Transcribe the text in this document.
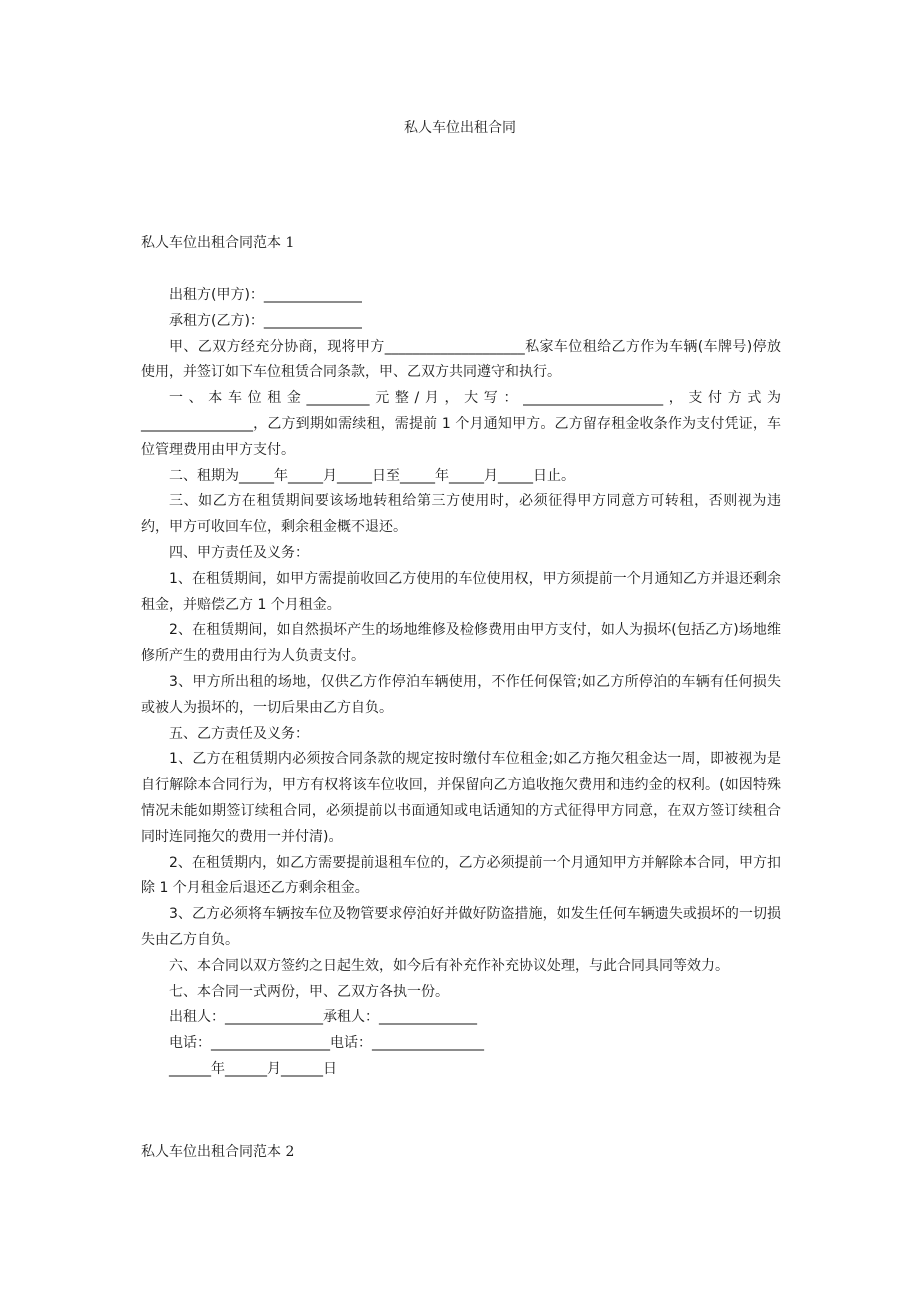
私人车位出租合同
私人车位出租合同范本 1

出租方(甲方)：______________

承租方(乙方)：______________

甲、乙双方经充分协商，现将甲方____________________私家车位租给乙方作为车辆(车牌号)停放使用，并签订如下车位租赁合同条款，甲、乙双方共同遵守和执行。

一、本车位租金_________元整/月，大写：____________________，支付方式为________________，乙方到期如需续租，需提前 1 个月通知甲方。乙方留存租金收条作为支付凭证，车位管理费用由甲方支付。

二、租期为_____年_____月_____日至_____年_____月_____日止。

三、如乙方在租赁期间要该场地转租给第三方使用时，必须征得甲方同意方可转租，否则视为违约，甲方可收回车位，剩余租金概不退还。

四、甲方责任及义务：

1、在租赁期间，如甲方需提前收回乙方使用的车位使用权，甲方须提前一个月通知乙方并退还剩余租金，并赔偿乙方 1 个月租金。

2、在租赁期间，如自然损坏产生的场地维修及检修费用由甲方支付，如人为损坏(包括乙方)场地维修所产生的费用由行为人负责支付。

3、甲方所出租的场地，仅供乙方作停泊车辆使用，不作任何保管;如乙方所停泊的车辆有任何损失或被人为损坏的，一切后果由乙方自负。

五、乙方责任及义务：

1、乙方在租赁期内必须按合同条款的规定按时缴付车位租金;如乙方拖欠租金达一周，即被视为是自行解除本合同行为，甲方有权将该车位收回，并保留向乙方追收拖欠费用和违约金的权利。(如因特殊情况未能如期签订续租合同，必须提前以书面通知或电话通知的方式征得甲方同意，在双方签订续租合同时连同拖欠的费用一并付清)。

2、在租赁期内，如乙方需要提前退租车位的，乙方必须提前一个月通知甲方并解除本合同，甲方扣除 1 个月租金后退还乙方剩余租金。

3、乙方必须将车辆按车位及物管要求停泊好并做好防盗措施，如发生任何车辆遗失或损坏的一切损失由乙方自负。

六、本合同以双方签约之日起生效，如今后有补充作补充协议处理，与此合同具同等效力。

七、本合同一式两份，甲、乙双方各执一份。

出租人：______________承租人：______________

电话：_________________电话：________________

______年______月______日

私人车位出租合同范本 2
